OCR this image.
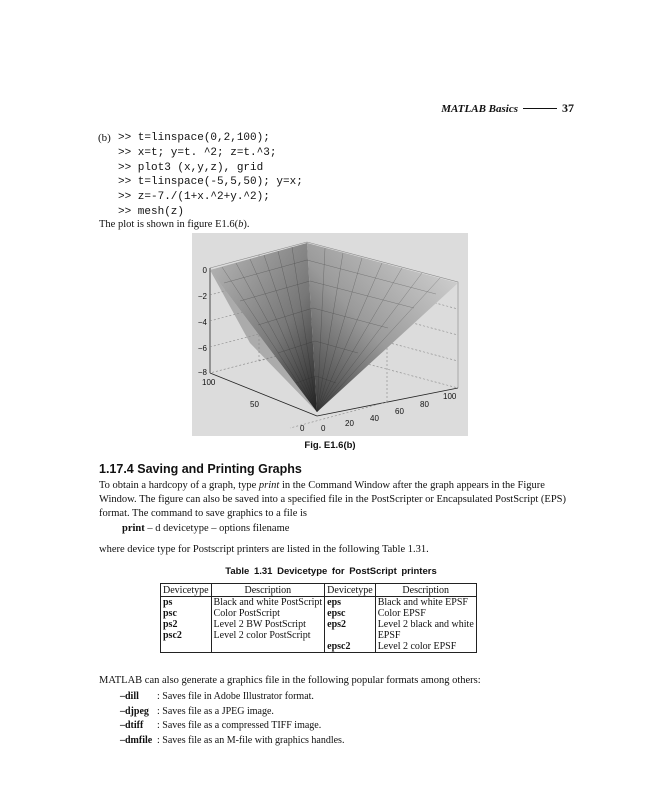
MATLAB Basics	37
(b) >> t=linspace(0,2,100);
>> x=t; y=t. ^2; z=t.^3;
>> plot3 (x,y,z), grid
>> t=linspace(-5,5,50); y=x;
>> z=-7./(1+x.^2+y.^2);
>> mesh(z)
The plot is shown in figure E1.6(b).
0
−2
−4
−6
−8
100
50
0 0
20
40
60
80
100
Fig. E1.6(b)
1.17.4 Saving and Printing Graphs
To obtain a hardcopy of a graph, type print in the Command Window after the graph appears in the Figure Window. The figure can also be saved into a specified file in the PostScripter or Encapsulated PostScript (EPS) format. The command to save graphics to a file is
print – d devicetype – options filename
where device type for Postscript printers are listed in the following Table 1.31.
Table 1.31 Devicetype for PostScript printers
Devicetype	Description	Devicetype	Description
ps	Black and white PostScript	eps	Black and white EPSF
psc	Color PostScript	epsc	Color EPSF
ps2	Level 2 BW PostScript	eps2	Level 2 black and white
psc2	Level 2 color PostScript		EPSF
		epsc2	Level 2 color EPSF
MATLAB can also generate a graphics file in the following popular formats among others:
–dill	: Saves file in Adobe Illustrator format.
–djpeg : Saves file as a JPEG image.
–dtiff	: Saves file as a compressed TIFF image.
–dmfile : Saves file as an M-file with graphics handles.
